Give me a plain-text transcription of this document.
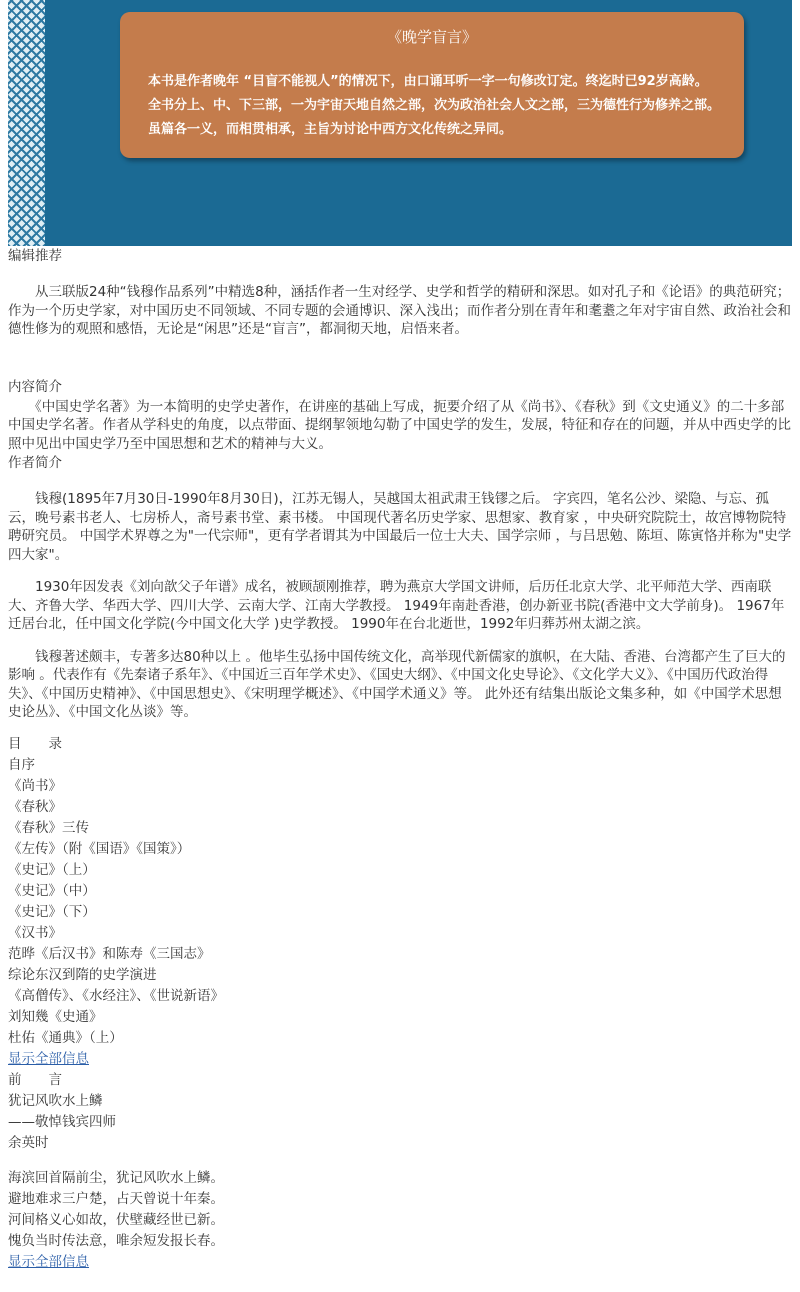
《晚学盲言》
本书是作者晚年 “目盲不能视人”的情况下，由口诵耳听一字一句修改订定。终迄时已92岁高龄。全书分上、中、下三部，一为宇宙天地自然之部，次为政治社会人文之部，三为德性行为修养之部。虽篇各一义，而相贯相承，主旨为讨论中西方文化传统之异同。
编辑推荐

　　从三联版24种“钱穆作品系列”中精选8种，涵括作者一生对经学、史学和哲学的精研和深思。如对孔子和《论语》的典范研究；作为一个历史学家，对中国历史不同领域、不同专题的会通博识、深入浅出；而作者分别在青年和耄耋之年对宇宙自然、政治社会和德性修为的观照和感悟，无论是“闲思”还是“盲言”，都洞彻天地，启悟来者。

内容简介

　　《中国史学名著》为一本简明的史学史著作，在讲座的基础上写成，扼要介绍了从《尚书》、《春秋》到《文史通义》的二十多部中国史学名著。作者从学科史的角度，以点带面、提纲挈领地勾勒了中国史学的发生，发展，特征和存在的问题，并从中西史学的比照中见出中国史学乃至中国思想和艺术的精神与大义。

作者简介

　　钱穆(1895年7月30日-1990年8月30日)，江苏无锡人，吴越国太祖武肃王钱镠之后。 字宾四，笔名公沙、梁隐、与忘、孤云，晚号素书老人、七房桥人，斋号素书堂、素书楼。 中国现代著名历史学家、思想家、教育家 ，中央研究院院士，故宫博物院特聘研究员。 中国学术界尊之为"一代宗师"，更有学者谓其为中国最后一位士大夫、国学宗师 ，与吕思勉、陈垣、陈寅恪并称为"史学四大家"。

　　1930年因发表《刘向歆父子年谱》成名，被顾颉刚推荐，聘为燕京大学国文讲师，后历任北京大学、北平师范大学、西南联大、齐鲁大学、华西大学、四川大学、云南大学、江南大学教授。 1949年南赴香港，创办新亚书院(香港中文大学前身)。 1967年迁居台北，任中国文化学院(今中国文化大学 )史学教授。 1990年在台北逝世，1992年归葬苏州太湖之滨。

　　钱穆著述颇丰，专著多达80种以上 。他毕生弘扬中国传统文化，高举现代新儒家的旗帜，在大陆、香港、台湾都产生了巨大的影响 。代表作有《先秦诸子系年》、《中国近三百年学术史》、《国史大纲》、《中国文化史导论》、《文化学大义》、《中国历代政治得失》、《中国历史精神》、《中国思想史》、《宋明理学概述》、《中国学术通义》等。 此外还有结集出版论文集多种，如《中国学术思想史论丛》、《中国文化丛谈》等。

目　　录
自序
《尚书》
《春秋》
《春秋》三传
《左传》（附《国语》《国策》）
《史记》（上）
《史记》（中）
《史记》（下）
《汉书》
范晔《后汉书》和陈寿《三国志》
综论东汉到隋的史学演进
《高僧传》、《水经注》、《世说新语》
刘知幾《史通》
杜佑《通典》（上）
显示全部信息
前　　言
犹记风吹水上鳞
——敬悼钱宾四师
余英时
海滨回首隔前尘，犹记风吹水上鳞。
避地难求三户楚，占天曾说十年秦。
河间格义心如故，伏壁藏经世已新。
愧负当时传法意，唯余短发报长春。
显示全部信息
